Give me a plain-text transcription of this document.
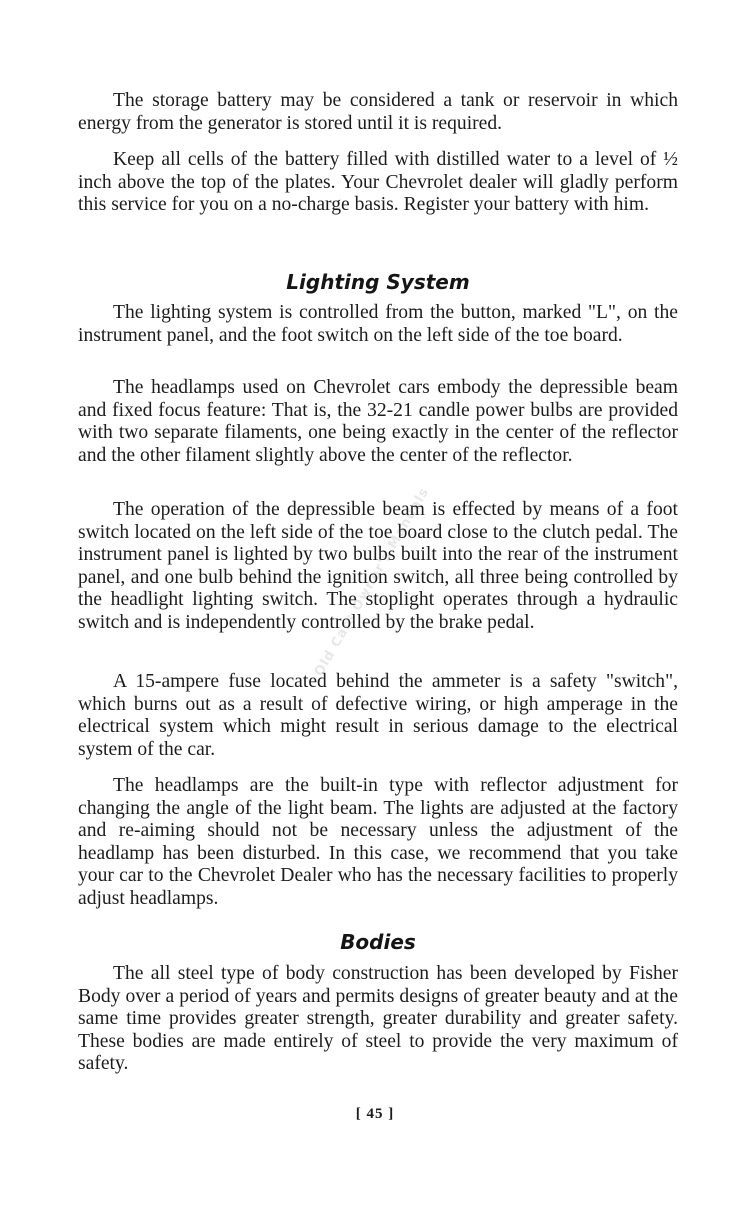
The storage battery may be considered a tank or reservoir in which energy from the generator is stored until it is required.

Keep all cells of the battery filled with distilled water to a level of ½ inch above the top of the plates. Your Chevrolet dealer will gladly perform this service for you on a no-charge basis. Register your battery with him.

Lighting System

The lighting system is controlled from the button, marked "L", on the instrument panel, and the foot switch on the left side of the toe board.

The headlamps used on Chevrolet cars embody the depressible beam and fixed focus feature: That is, the 32-21 candle power bulbs are provided with two separate filaments, one being exactly in the center of the reflector and the other filament slightly above the center of the reflector.

The operation of the depressible beam is effected by means of a foot switch located on the left side of the toe board close to the clutch pedal. The instrument panel is lighted by two bulbs built into the rear of the instrument panel, and one bulb behind the ignition switch, all three being controlled by the headlight lighting switch. The stoplight operates through a hydraulic switch and is independently controlled by the brake pedal.

A 15-ampere fuse located behind the ammeter is a safety "switch", which burns out as a result of defective wiring, or high amperage in the electrical system which might result in serious damage to the electrical system of the car.

The headlamps are the built-in type with reflector adjustment for changing the angle of the light beam. The lights are adjusted at the factory and re-aiming should not be necessary unless the adjustment of the headlamp has been disturbed. In this case, we recommend that you take your car to the Chevrolet Dealer who has the necessary facilities to properly adjust headlamps.

Bodies

The all steel type of body construction has been developed by Fisher Body over a period of years and permits designs of greater beauty and at the same time provides greater strength, greater durability and greater safety. These bodies are made entirely of steel to provide the very maximum of safety.

[ 45 ]
Old Cars Owner's Manuals
